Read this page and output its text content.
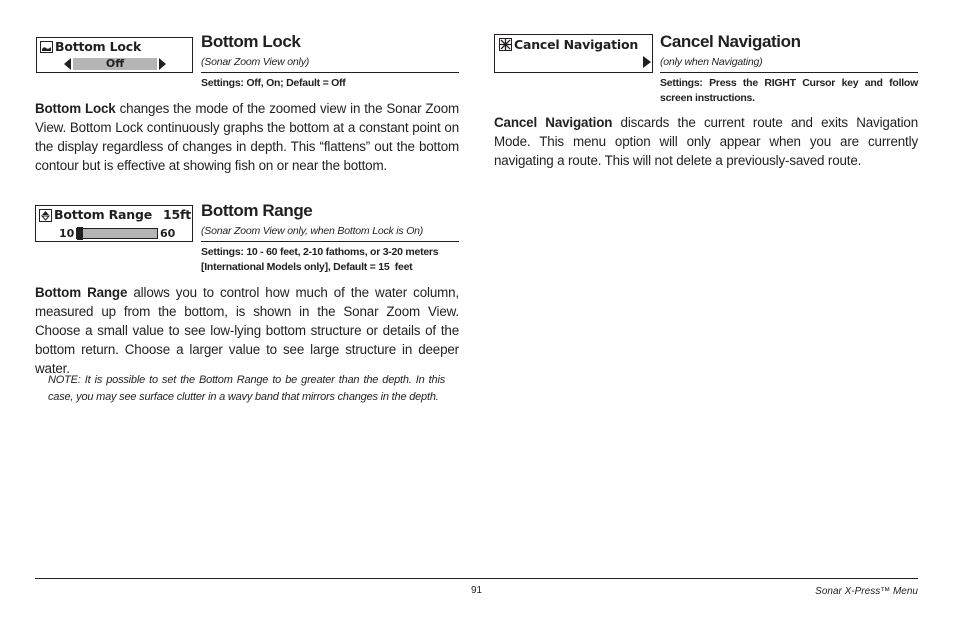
Bottom Lock
Off
Bottom Lock
(Sonar Zoom View only)
Settings: Off, On; Default = Off
Bottom Lock changes the mode of the zoomed view in the Sonar Zoom View. Bottom Lock continuously graphs the bottom at a constant point on the display regardless of changes in depth. This “flattens” out the bottom contour but is effective at showing fish on or near the bottom.
Bottom Range 15ft
10	60
Bottom Range
(Sonar Zoom View only, when Bottom Lock is On)
Settings: 10 - 60 feet, 2-10 fathoms, or 3-20 meters
[International Models only], Default = 15  feet
Bottom Range allows you to control how much of the water column, measured up from the bottom, is shown in the Sonar Zoom View. Choose a small value to see low-lying bottom structure or details of the bottom return. Choose a larger value to see large structure in deeper water.
NOTE: It is possible to set the Bottom Range to be greater than the depth. In this case, you may see surface clutter in a wavy band that mirrors changes in the depth.
Cancel Navigation Cancel Navigation
(only when Navigating)
Settings: Press the RIGHT Cursor key and follow screen instructions.
Cancel Navigation discards the current route and exits Navigation Mode. This menu option will only appear when you are currently navigating a route. This will not delete a previously-saved route.
91	Sonar X-Press™ Menu
